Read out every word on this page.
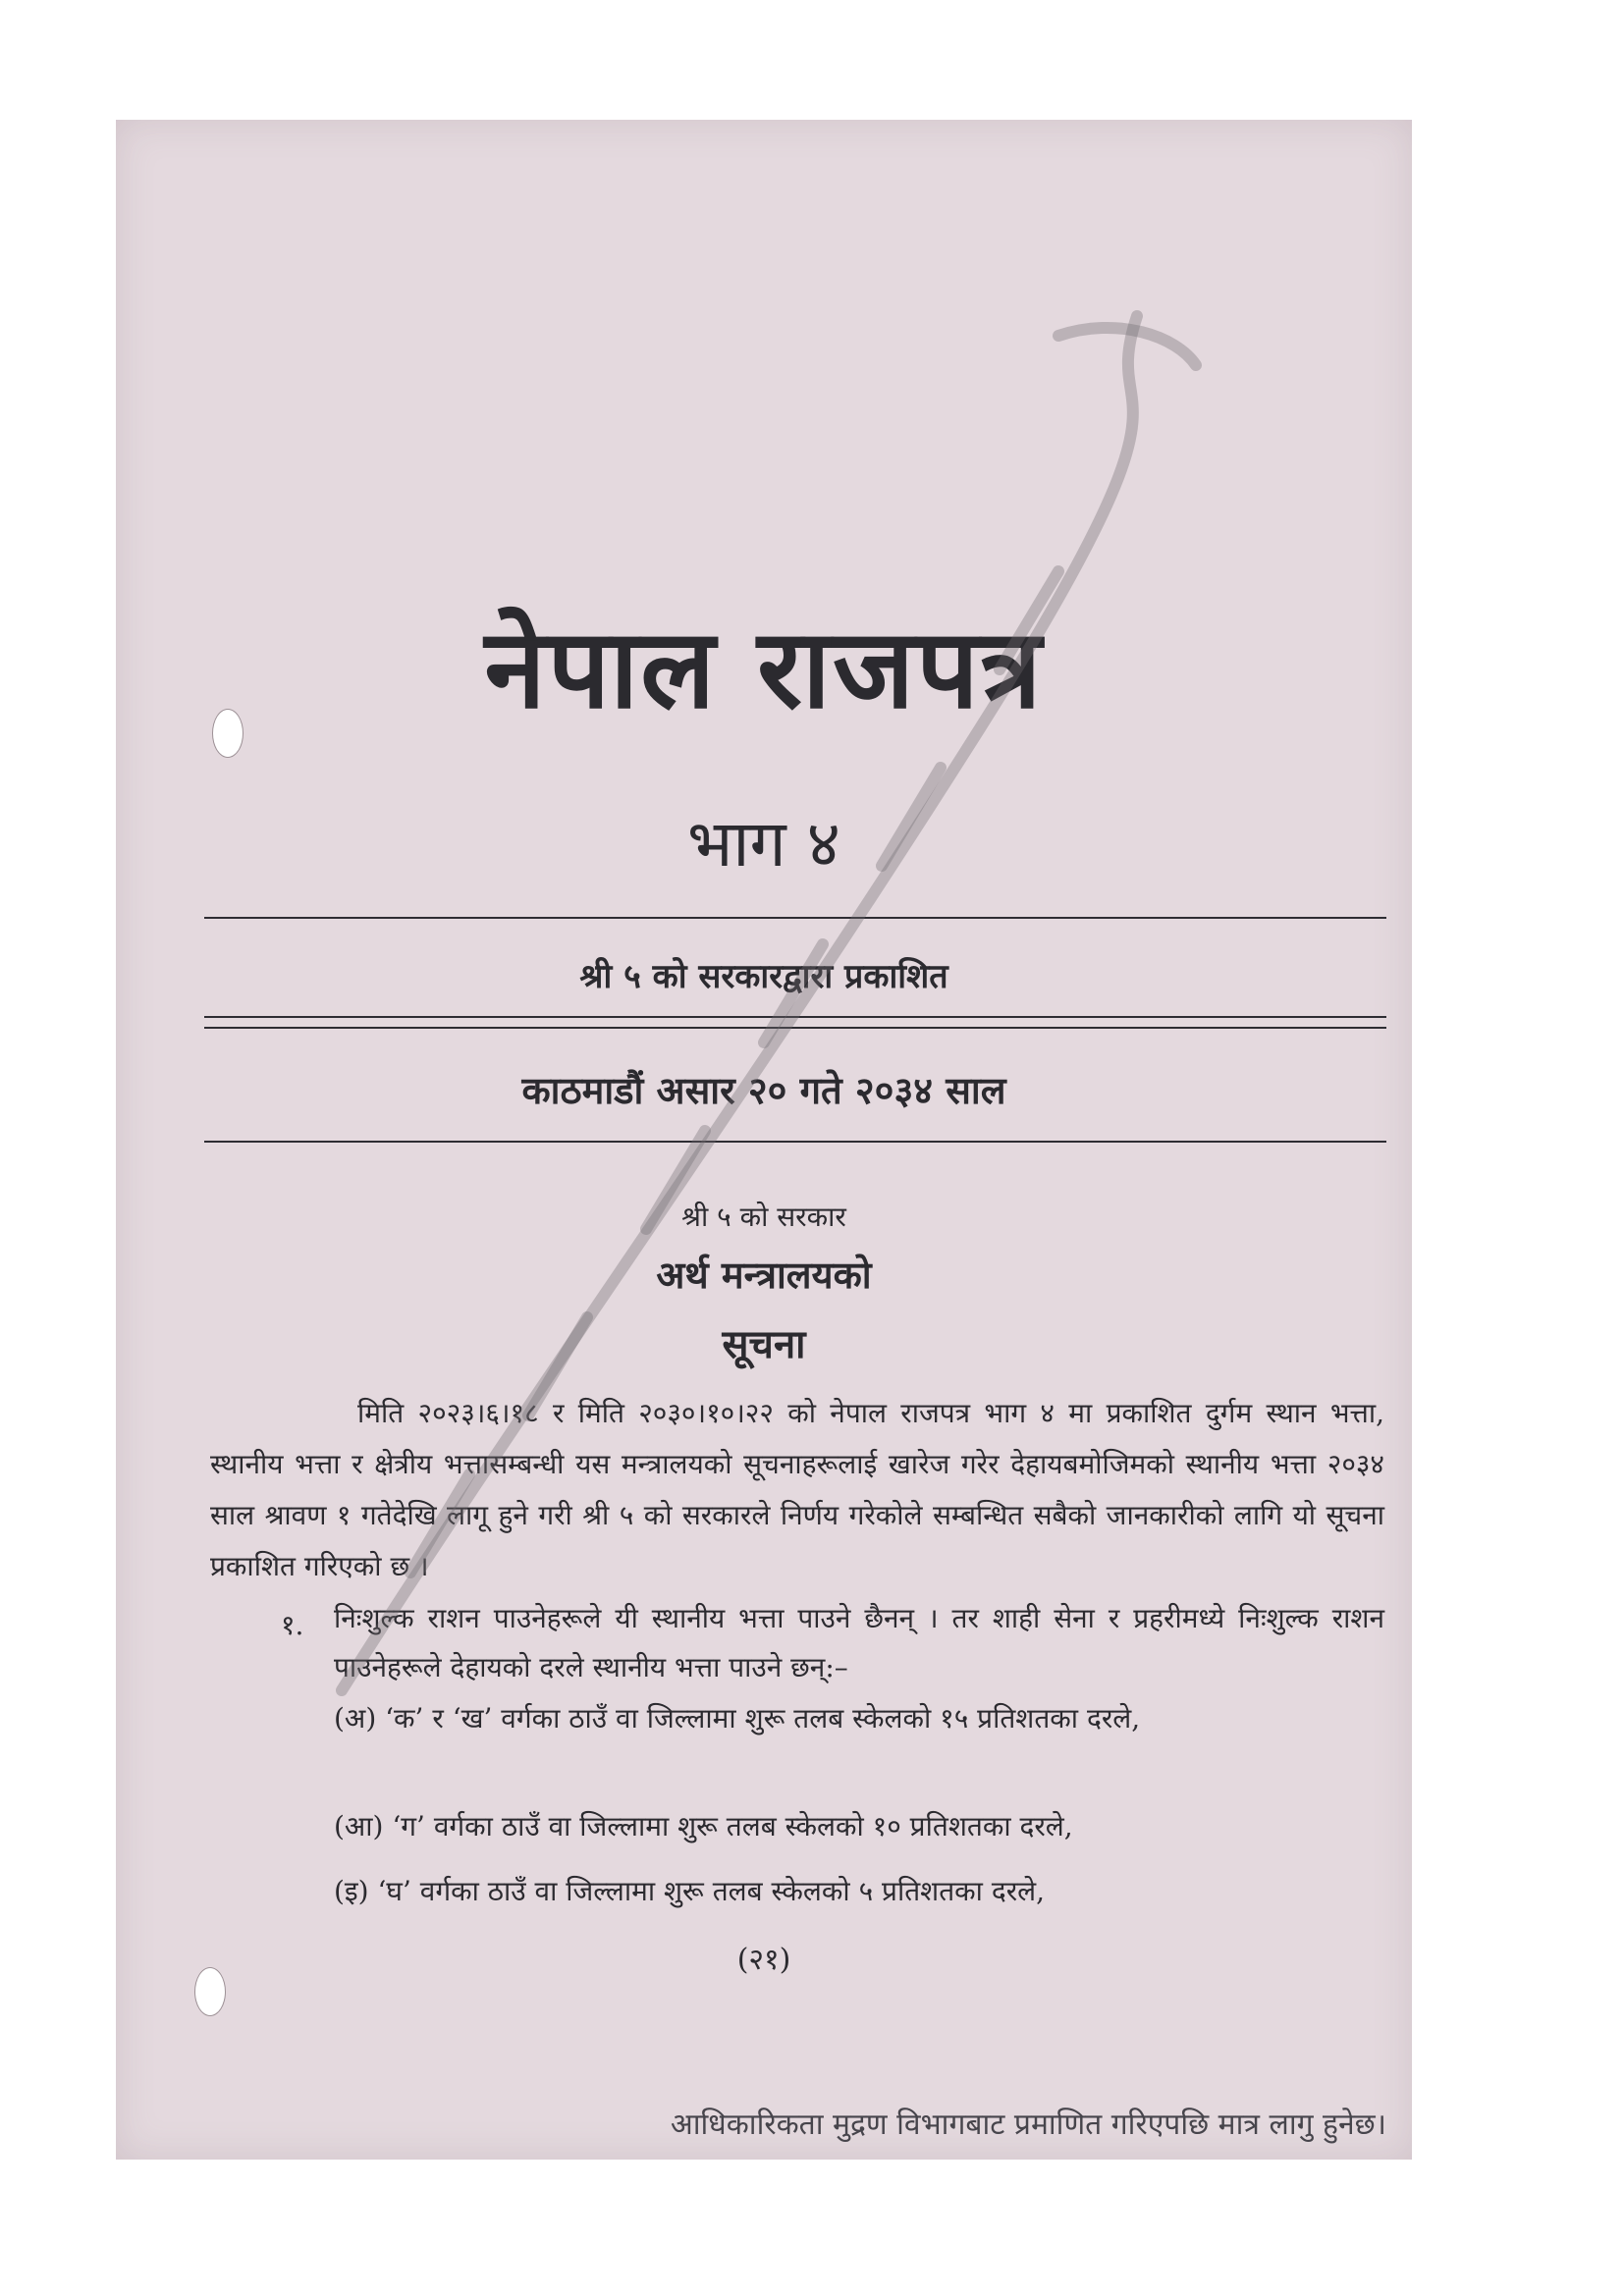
नेपाल राजपत्र
भाग ४
श्री ५ को सरकारद्वारा प्रकाशित
काठमाडौं असार २० गते २०३४ साल
श्री ५ को सरकार
अर्थ मन्त्रालयको
सूचना
मिति २०२३।६।१८ र मिति २०३०।१०।२२ को नेपाल राजपत्र भाग ४ मा प्रकाशित दुर्गम स्थान भत्ता, स्थानीय भत्ता र क्षेत्रीय भत्तासम्बन्धी यस मन्त्रालयको सूचनाहरूलाई खारेज गरेर देहायबमोजिमको स्थानीय भत्ता २०३४ साल श्रावण १ गतेदेखि लागू हुने गरी श्री ५ को सरकारले निर्णय गरेकोले सम्बन्धित सबैको जानकारीको लागि यो सूचना प्रकाशित गरिएको छ ।
१. निःशुल्क राशन पाउनेहरूले यी स्थानीय भत्ता पाउने छैनन् । तर शाही सेना र प्रहरीमध्ये निःशुल्क राशन पाउनेहरूले देहायको दरले स्थानीय भत्ता पाउने छन्:–
(अ) ‘क’ र ‘ख’ वर्गका ठाउँ वा जिल्लामा शुरू तलब स्केलको १५ प्रतिशतका दरले,
(आ) ‘ग’ वर्गका ठाउँ वा जिल्लामा शुरू तलब स्केलको १० प्रतिशतका दरले,
(इ) ‘घ’ वर्गका ठाउँ वा जिल्लामा शुरू तलब स्केलको ५ प्रतिशतका दरले,
(२१)
आधिकारिकता मुद्रण विभागबाट प्रमाणित गरिएपछि मात्र लागु हुनेछ।
